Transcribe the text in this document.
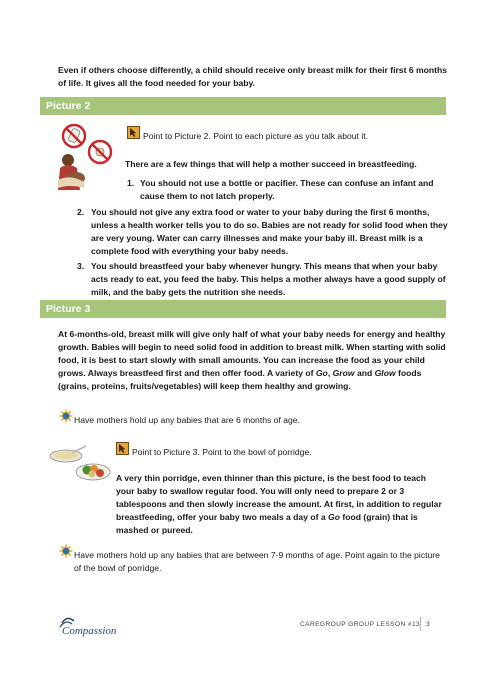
Even if others choose differently, a child should receive only breast milk for their first 6 months of life. It gives all the food needed for your baby.
Picture 2
Point to Picture 2. Point to each picture as you talk about it.
There are a few things that will help a mother succeed in breastfeeding.
1. You should not use a bottle or pacifier. These can confuse an infant and cause them to not latch properly.
2. You should not give any extra food or water to your baby during the first 6 months, unless a health worker tells you to do so. Babies are not ready for solid food when they are very young. Water can carry illnesses and make your baby ill. Breast milk is a complete food with everything your baby needs.
3. You should breastfeed your baby whenever hungry. This means that when your baby acts ready to eat, you feed the baby. This helps a mother always have a good supply of milk, and the baby gets the nutrition she needs.
Picture 3
At 6-months-old, breast milk will give only half of what your baby needs for energy and healthy growth. Babies will begin to need solid food in addition to breast milk. When starting with solid food, it is best to start slowly with small amounts. You can increase the food as your child grows. Always breastfeed first and then offer food. A variety of Go, Grow and Glow foods (grains, proteins, fruits/vegetables) will keep them healthy and growing.
Have mothers hold up any babies that are 6 months of age.
Point to Picture 3. Point to the bowl of porridge.
A very thin porridge, even thinner than this picture, is the best food to teach your baby to swallow regular food. You will only need to prepare 2 or 3 tablespoons and then slowly increase the amount. At first, in addition to regular breastfeeding, offer your baby two meals a day of a Go food (grain) that is mashed or pureed.
Have mothers hold up any babies that are between 7-9 months of age. Point again to the picture of the bowl of porridge.
Compassion
CAREGROUP GROUP LESSON #13 3
